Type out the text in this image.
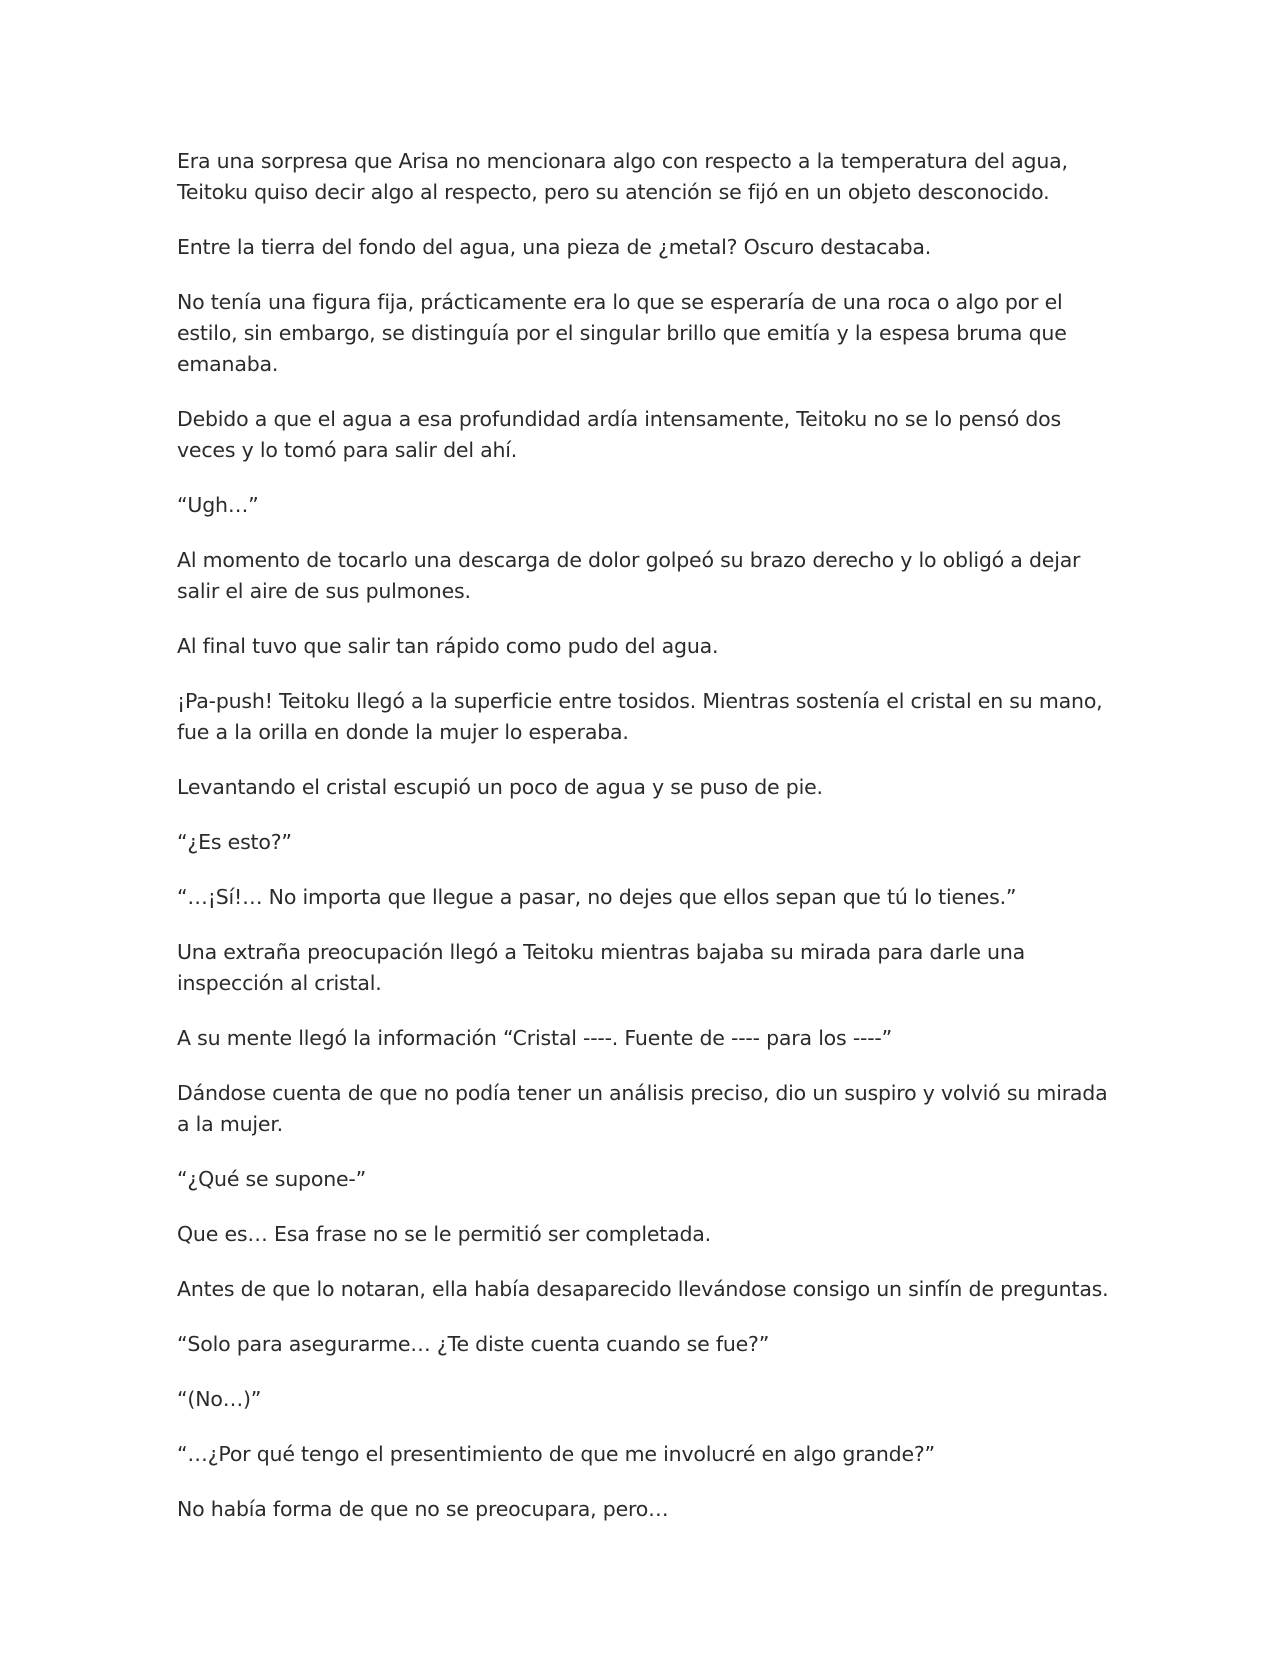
Era una sorpresa que Arisa no mencionara algo con respecto a la temperatura del agua, Teitoku quiso decir algo al respecto, pero su atención se fijó en un objeto desconocido.

Entre la tierra del fondo del agua, una pieza de ¿metal? Oscuro destacaba.

No tenía una figura fija, prácticamente era lo que se esperaría de una roca o algo por el estilo, sin embargo, se distinguía por el singular brillo que emitía y la espesa bruma que emanaba.

Debido a que el agua a esa profundidad ardía intensamente, Teitoku no se lo pensó dos veces y lo tomó para salir del ahí.

“Ugh…”

Al momento de tocarlo una descarga de dolor golpeó su brazo derecho y lo obligó a dejar salir el aire de sus pulmones.

Al final tuvo que salir tan rápido como pudo del agua.

¡Pa-push! Teitoku llegó a la superficie entre tosidos. Mientras sostenía el cristal en su mano, fue a la orilla en donde la mujer lo esperaba.

Levantando el cristal escupió un poco de agua y se puso de pie.

“¿Es esto?”

“…¡Sí!… No importa que llegue a pasar, no dejes que ellos sepan que tú lo tienes.”

Una extraña preocupación llegó a Teitoku mientras bajaba su mirada para darle una inspección al cristal.

A su mente llegó la información “Cristal ----. Fuente de ---- para los ----”

Dándose cuenta de que no podía tener un análisis preciso, dio un suspiro y volvió su mirada a la mujer.

“¿Qué se supone-”

Que es… Esa frase no se le permitió ser completada.

Antes de que lo notaran, ella había desaparecido llevándose consigo un sinfín de preguntas.

“Solo para asegurarme… ¿Te diste cuenta cuando se fue?”

“(No…)”

“…¿Por qué tengo el presentimiento de que me involucré en algo grande?”

No había forma de que no se preocupara, pero…
